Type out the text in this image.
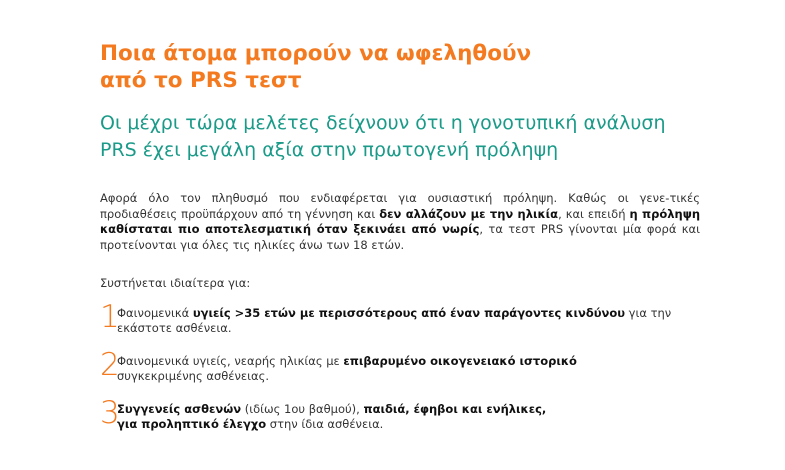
Ποια άτομα μπορούν να ωφεληθούν
από το PRS τεστ
Οι μέχρι τώρα μελέτες δείχνουν ότι η γονοτυπική ανάλυση
PRS έχει μεγάλη αξία στην πρωτογενή πρόληψη
Αφορά όλο τον πληθυσμό που ενδιαφέρεται για ουσιαστική πρόληψη. Καθώς οι γενε-τικές προδιαθέσεις προϋπάρχουν από τη γέννηση και δεν αλλάζουν με την ηλικία, και επειδή η πρόληψη καθίσταται πιο αποτελεσματική όταν ξεκινάει από νωρίς, τα τεστ PRS γίνονται μία φορά και προτείνονται για όλες τις ηλικίες άνω των 18 ετών.
Συστήνεται ιδιαίτερα για:
1
Φαινομενικά υγιείς >35 ετών με περισσότερους από έναν παράγοντες κινδύνου για την εκάστοτε ασθένεια.
2
Φαινομενικά υγιείς, νεαρής ηλικίας με επιβαρυμένο οικογενειακό ιστορικό
συγκεκριμένης ασθένειας.
3
Συγγενείς ασθενών (ιδίως 1ου βαθμού), παιδιά, έφηβοι και ενήλικες,
για προληπτικό έλεγχο στην ίδια ασθένεια.
